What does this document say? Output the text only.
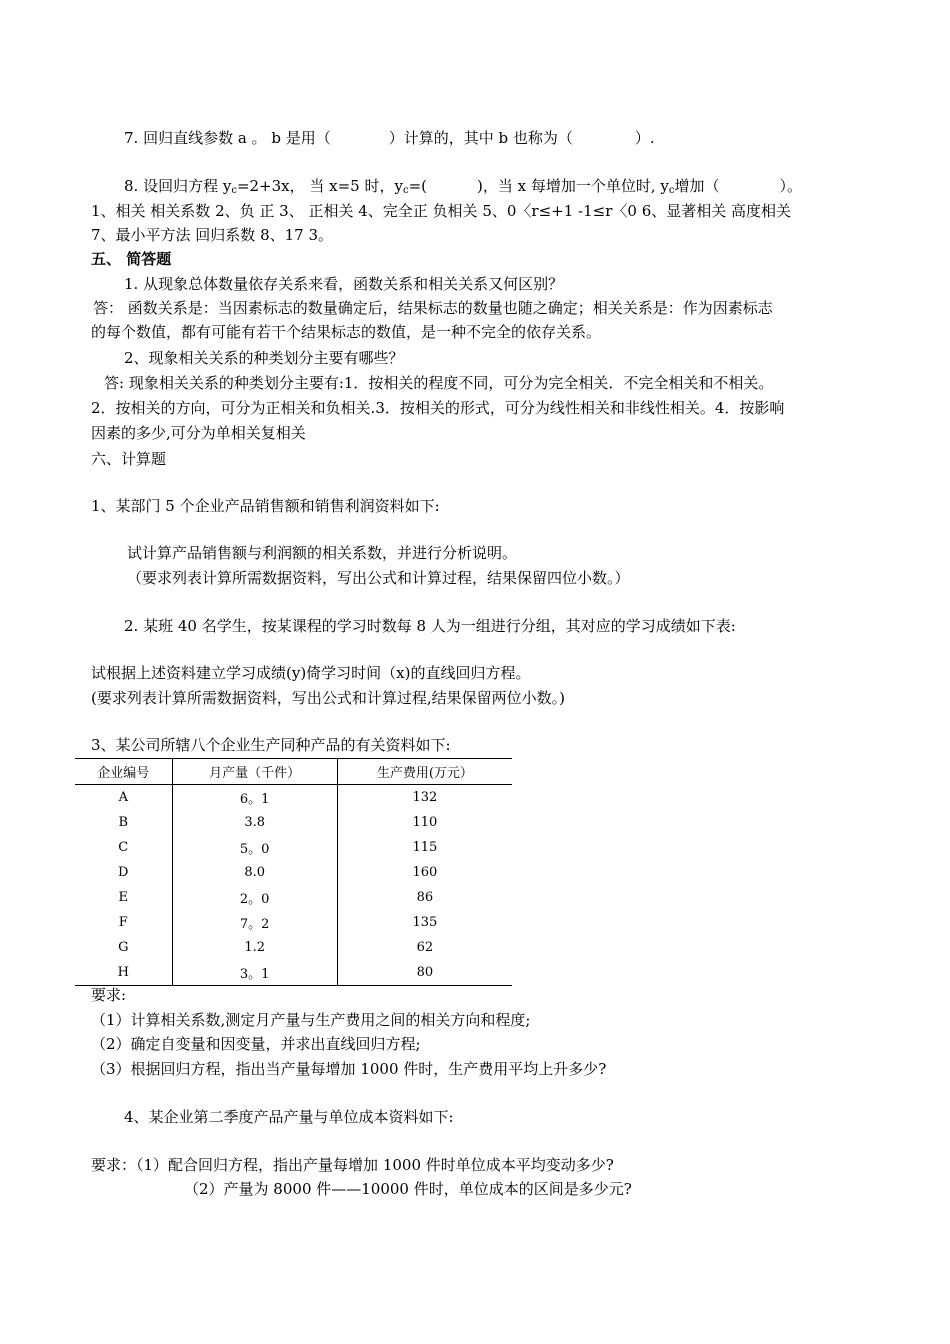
7. 回归直线参数 a 。 b 是用（	）计算的，其中 b 也称为（	）.
8. 设回归方程 $y_c=2+3x$， 当 x=5 时，$y_c=$(	)，当 x 每增加一个单位时, $y_c$增加（	）。
1、相关 相关系数 2、负 正 3、 正相关 4、完全正 负相关 5、0〈r≤+1 -1≤r〈0 6、显著相关 高度相关
7、最小平方法 回归系数 8、17 3。
五、 简答题
1. 从现象总体数量依存关系来看，函数关系和相关关系又何区别？
答： 函数关系是：当因素标志的数量确定后，结果标志的数量也随之确定；相关关系是：作为因素标志
的每个数值，都有可能有若干个结果标志的数值，是一种不完全的依存关系。
2、现象相关关系的种类划分主要有哪些？
答: 现象相关关系的种类划分主要有:1．按相关的程度不同，可分为完全相关．不完全相关和不相关。
2．按相关的方向，可分为正相关和负相关.3．按相关的形式，可分为线性相关和非线性相关。4．按影响
因素的多少,可分为单相关复相关
六、计算题
1、某部门 5 个企业产品销售额和销售利润资料如下:
试计算产品销售额与利润额的相关系数，并进行分析说明。
（要求列表计算所需数据资料，写出公式和计算过程，结果保留四位小数。）
2. 某班 40 名学生，按某课程的学习时数每 8 人为一组进行分组，其对应的学习成绩如下表:
试根据上述资料建立学习成绩(y)倚学习时间（x)的直线回归方程。
(要求列表计算所需数据资料，写出公式和计算过程,结果保留两位小数。)
3、某公司所辖八个企业生产同种产品的有关资料如下:
企业编号	月产量（千件）	生产费用(万元）
A	6。1	132
B	3.8	110
C	5。0	115
D	8.0	160
E	2。0	86
F	7。2	135
G	1.2	62
H	3。1	80
要求:
（1）计算相关系数,测定月产量与生产费用之间的相关方向和程度;
（2）确定自变量和因变量，并求出直线回归方程;
（3）根据回归方程，指出当产量每增加 1000 件时，生产费用平均上升多少?
4、某企业第二季度产品产量与单位成本资料如下:
要求：（1）配合回归方程，指出产量每增加 1000 件时单位成本平均变动多少?
（2）产量为 8000 件——10000 件时，单位成本的区间是多少元?
